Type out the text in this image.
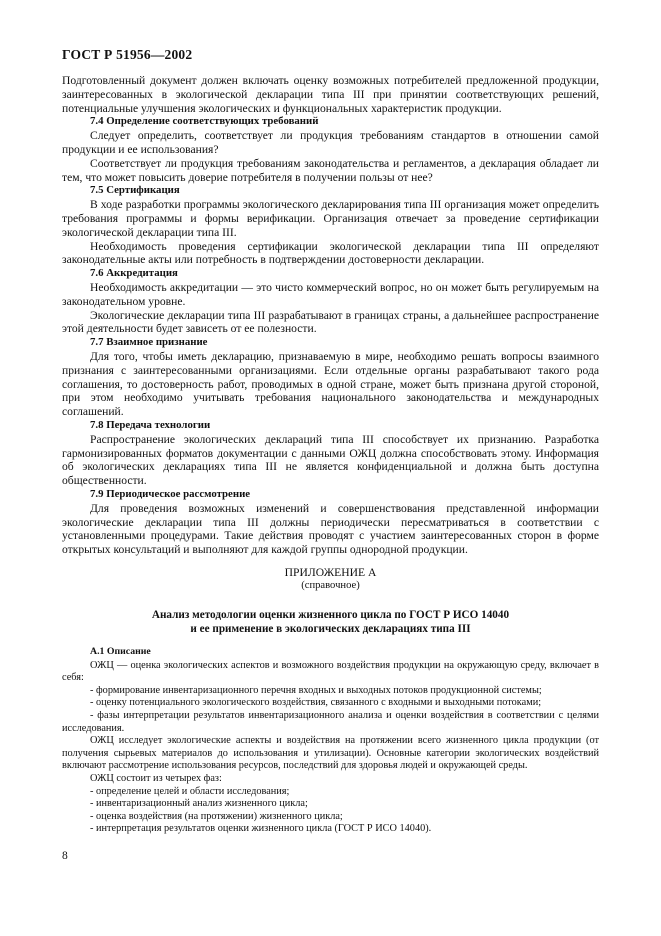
ГОСТ Р 51956—2002

Подготовленный документ должен включать оценку возможных потребителей предложенной продукции, заинтересованных в экологической декларации типа III при принятии соответствующих решений, потенциальные улучшения экологических и функциональных характеристик продукции.

7.4 Определение соответствующих требований

Следует определить, соответствует ли продукция требованиям стандартов в отношении самой продукции и ее использования?

Соответствует ли продукция требованиям законодательства и регламентов, а декларация обладает ли тем, что может повысить доверие потребителя в получении пользы от нее?

7.5 Сертификация

В ходе разработки программы экологического декларирования типа III организация может определить требования программы и формы верификации. Организация отвечает за проведение сертификации экологической декларации типа III.

Необходимость проведения сертификации экологической декларации типа III определяют законодательные акты или потребность в подтверждении достоверности декларации.

7.6 Аккредитация

Необходимость аккредитации — это чисто коммерческий вопрос, но он может быть регулируемым на законодательном уровне.

Экологические декларации типа III разрабатывают в границах страны, а дальнейшее распространение этой деятельности будет зависеть от ее полезности.

7.7 Взаимное признание

Для того, чтобы иметь декларацию, признаваемую в мире, необходимо решать вопросы взаимного признания с заинтересованными организациями. Если отдельные органы разрабатывают такого рода соглашения, то достоверность работ, проводимых в одной стране, может быть признана другой стороной, при этом необходимо учитывать требования национального законодательства и международных соглашений.

7.8 Передача технологии

Распространение экологических деклараций типа III способствует их признанию. Разработка гармонизированных форматов документации с данными ОЖЦ должна способствовать этому. Информация об экологических декларациях типа III не является конфиденциальной и должна быть доступна общественности.

7.9 Периодическое рассмотрение

Для проведения возможных изменений и совершенствования представленной информации экологические декларации типа III должны периодически пересматриваться в соответствии с установленными процедурами. Такие действия проводят с участием заинтересованных сторон в форме открытых консультаций и выполняют для каждой группы однородной продукции.

ПРИЛОЖЕНИЕ А
(справочное)
Анализ методологии оценки жизненного цикла по ГОСТ Р ИСО 14040
и ее применение в экологических декларациях типа III
А.1 Описание

ОЖЦ — оценка экологических аспектов и возможного воздействия продукции на окружающую среду, включает в себя:

- формирование инвентаризационного перечня входных и выходных потоков продукционной системы;

- оценку потенциального экологического воздействия, связанного с входными и выходными потоками;

- фазы интерпретации результатов инвентаризационного анализа и оценки воздействия в соответствии с целями исследования.

ОЖЦ исследует экологические аспекты и воздействия на протяжении всего жизненного цикла продукции (от получения сырьевых материалов до использования и утилизации). Основные категории экологических воздействий включают рассмотрение использования ресурсов, последствий для здоровья людей и окружающей среды.

ОЖЦ состоит из четырех фаз:

- определение целей и области исследования;

- инвентаризационный анализ жизненного цикла;

- оценка воздействия (на протяжении) жизненного цикла;

- интерпретация результатов оценки жизненного цикла (ГОСТ Р ИСО 14040).

8
